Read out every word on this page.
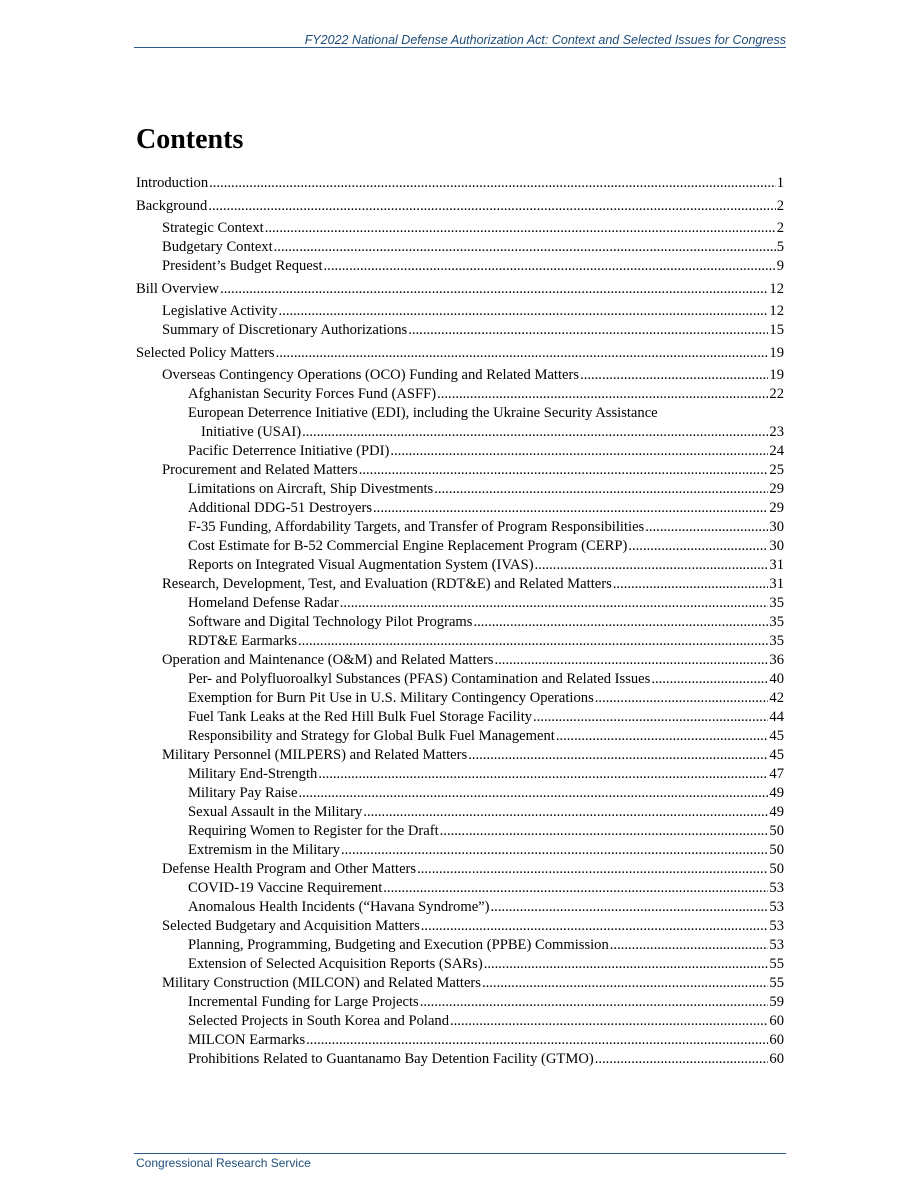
FY2022 National Defense Authorization Act: Context and Selected Issues for Congress
Contents
Introduction .....	1
Background .....	2
Strategic Context .....	2
Budgetary Context .....	5
President’s Budget Request .....	9
Bill Overview .....	12
Legislative Activity .....	12
Summary of Discretionary Authorizations .....	15
Selected Policy Matters .....	19
Overseas Contingency Operations (OCO) Funding and Related Matters .....	19
Afghanistan Security Forces Fund (ASFF) .....	22
European Deterrence Initiative (EDI), including the Ukraine Security Assistance
Initiative (USAI) .....	23
Pacific Deterrence Initiative (PDI) .....	24
Procurement and Related Matters .....	25
Limitations on Aircraft, Ship Divestments .....	29
Additional DDG-51 Destroyers .....	29
F-35 Funding, Affordability Targets, and Transfer of Program Responsibilities .....	30
Cost Estimate for B-52 Commercial Engine Replacement Program (CERP) .....	30
Reports on Integrated Visual Augmentation System (IVAS) .....	31
Research, Development, Test, and Evaluation (RDT&E) and Related Matters .....	31
Homeland Defense Radar .....	35
Software and Digital Technology Pilot Programs .....	35
RDT&E Earmarks .....	35
Operation and Maintenance (O&M) and Related Matters .....	36
Per- and Polyfluoroalkyl Substances (PFAS) Contamination and Related Issues .....	40
Exemption for Burn Pit Use in U.S. Military Contingency Operations .....	42
Fuel Tank Leaks at the Red Hill Bulk Fuel Storage Facility .....	44
Responsibility and Strategy for Global Bulk Fuel Management .....	45
Military Personnel (MILPERS) and Related Matters .....	45
Military End-Strength .....	47
Military Pay Raise .....	49
Sexual Assault in the Military .....	49
Requiring Women to Register for the Draft .....	50
Extremism in the Military .....	50
Defense Health Program and Other Matters .....	50
COVID-19 Vaccine Requirement .....	53
Anomalous Health Incidents (“Havana Syndrome”) .....	53
Selected Budgetary and Acquisition Matters .....	53
Planning, Programming, Budgeting and Execution (PPBE) Commission .....	53
Extension of Selected Acquisition Reports (SARs) .....	55
Military Construction (MILCON) and Related Matters .....	55
Incremental Funding for Large Projects .....	59
Selected Projects in South Korea and Poland .....	60
MILCON Earmarks .....	60
Prohibitions Related to Guantanamo Bay Detention Facility (GTMO) .....	60
Congressional Research Service
